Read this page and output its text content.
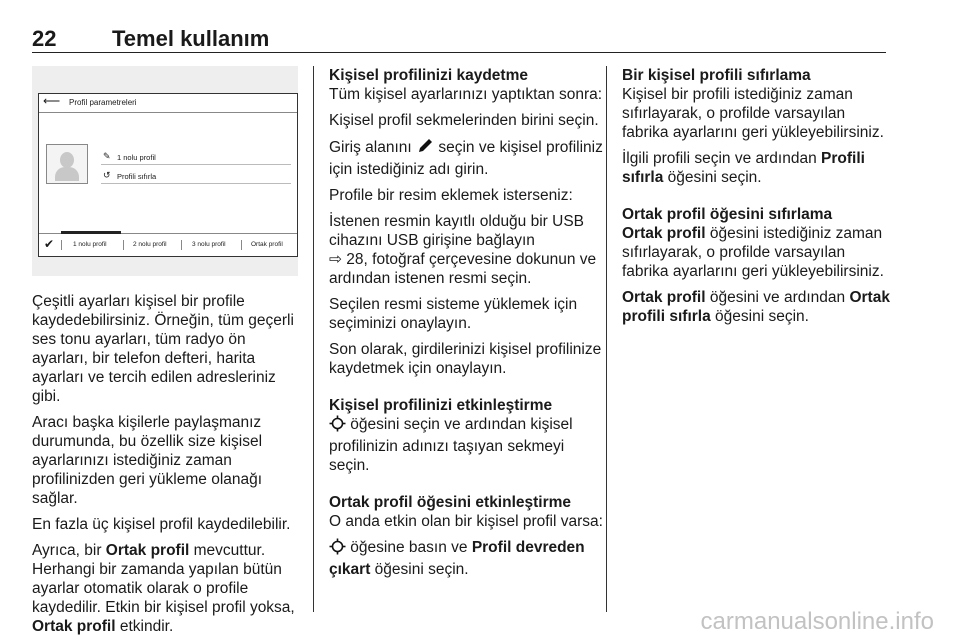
22	Temel kullanım
⟵ Profil parametreleri
✎ 1 nolu profil
↺ Profili sıfırla
✔	1 nolu profil	2 nolu profil	3 nolu profil	Ortak profil

Çeşitli ayarları kişisel bir profile kaydedebilirsiniz. Örneğin, tüm geçerli ses tonu ayarları, tüm radyo ön ayarları, bir telefon defteri, harita ayarları ve tercih edilen adresleriniz gibi.

Aracı başka kişilerle paylaşmanız durumunda, bu özellik size kişisel ayarlarınızı istediğiniz zaman profilinizden geri yükleme olanağı sağlar.

En fazla üç kişisel profil kaydedilebilir.

Ayrıca, bir Ortak profil mevcuttur. Herhangi bir zamanda yapılan bütün ayarlar otomatik olarak o profile kaydedilir. Etkin bir kişisel profil yoksa, Ortak profil etkindir.

Kişisel profilinizi kaydetme

Tüm kişisel ayarlarınızı yaptıktan sonra:

Kişisel profil sekmelerinden birini seçin.

Giriş alanını  seçin ve kişisel profiliniz için istediğiniz adı girin.

Profile bir resim eklemek isterseniz:

İstenen resmin kayıtlı olduğu bir USB cihazını USB girişine bağlayın
⇨ 28, fotoğraf çerçevesine dokunun ve ardından istenen resmi seçin.

Seçilen resmi sisteme yüklemek için seçiminizi onaylayın.

Son olarak, girdilerinizi kişisel profilinize kaydetmek için onaylayın.

Kişisel profilinizi etkinleştirme

öğesini seçin ve ardından kişisel profilinizin adınızı taşıyan sekmeyi seçin.

Ortak profil öğesini etkinleştirme

O anda etkin olan bir kişisel profil varsa:

öğesine basın ve Profil devreden çıkart öğesini seçin.

Bir kişisel profili sıfırlama

Kişisel bir profili istediğiniz zaman sıfırlayarak, o profilde varsayılan fabrika ayarlarını geri yükleyebilirsiniz.

İlgili profili seçin ve ardından Profili sıfırla öğesini seçin.

Ortak profil öğesini sıfırlama

Ortak profil öğesini istediğiniz zaman sıfırlayarak, o profilde varsayılan fabrika ayarlarını geri yükleyebilirsiniz.

Ortak profil öğesini ve ardından Ortak profili sıfırla öğesini seçin.

carmanualsonline.info
